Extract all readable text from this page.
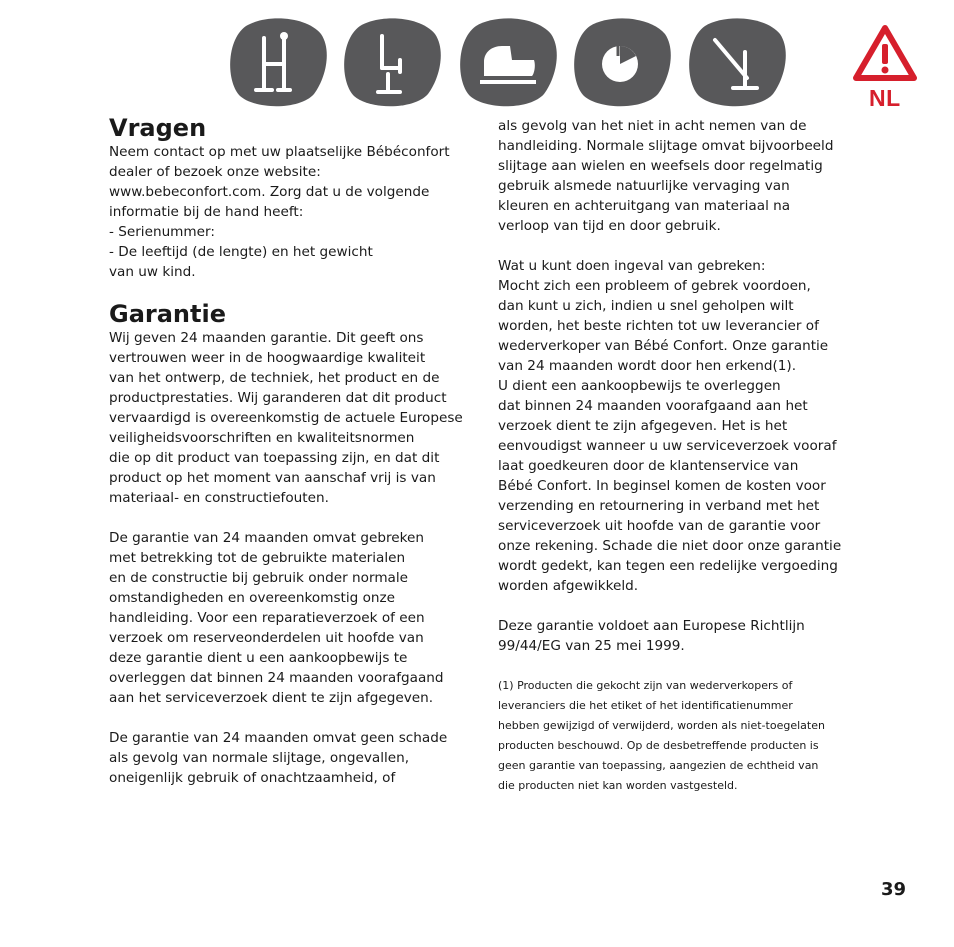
NL
Vragen

Neem contact op met uw plaatselijke Bébéconfort
dealer of bezoek onze website:
www.bebeconfort.com. Zorg dat u de volgende
informatie bij de hand heeft:
- Serienummer:
- De leeftijd (de lengte) en het gewicht
van uw kind.

Garantie

Wij geven 24 maanden garantie. Dit geeft ons
vertrouwen weer in de hoogwaardige kwaliteit
van het ontwerp, de techniek, het product en de
productprestaties. Wij garanderen dat dit product
vervaardigd is overeenkomstig de actuele Europese
veiligheidsvoorschriften en kwaliteitsnormen
die op dit product van toepassing zijn, en dat dit
product op het moment van aanschaf vrij is van
materiaal- en constructiefouten.

De garantie van 24 maanden omvat gebreken
met betrekking tot de gebruikte materialen
en de constructie bij gebruik onder normale
omstandigheden en overeenkomstig onze
handleiding. Voor een reparatieverzoek of een
verzoek om reserveonderdelen uit hoofde van
deze garantie dient u een aankoopbewijs te
overleggen dat binnen 24 maanden voorafgaand
aan het serviceverzoek dient te zijn afgegeven.

De garantie van 24 maanden omvat geen schade
als gevolg van normale slijtage, ongevallen,
oneigenlijk gebruik of onachtzaamheid, of

als gevolg van het niet in acht nemen van de
handleiding. Normale slijtage omvat bijvoorbeeld
slijtage aan wielen en weefsels door regelmatig
gebruik alsmede natuurlijke vervaging van
kleuren en achteruitgang van materiaal na
verloop van tijd en door gebruik.

Wat u kunt doen ingeval van gebreken:
Mocht zich een probleem of gebrek voordoen,
dan kunt u zich, indien u snel geholpen wilt
worden, het beste richten tot uw leverancier of
wederverkoper van Bébé Confort. Onze garantie
van 24 maanden wordt door hen erkend(1).
U dient een aankoopbewijs te overleggen
dat binnen 24 maanden voorafgaand aan het
verzoek dient te zijn afgegeven. Het is het
eenvoudigst wanneer u uw serviceverzoek vooraf
laat goedkeuren door de klantenservice van
Bébé Confort. In beginsel komen de kosten voor
verzending en retournering in verband met het
serviceverzoek uit hoofde van de garantie voor
onze rekening. Schade die niet door onze garantie
wordt gedekt, kan tegen een redelijke vergoeding
worden afgewikkeld.

Deze garantie voldoet aan Europese Richtlijn
99/44/EG van 25 mei 1999.

(1) Producten die gekocht zijn van wederverkopers of
leveranciers die het etiket of het identificatienummer
hebben gewijzigd of verwijderd, worden als niet-toegelaten
producten beschouwd. Op de desbetreffende producten is
geen garantie van toepassing, aangezien de echtheid van
die producten niet kan worden vastgesteld.

39
